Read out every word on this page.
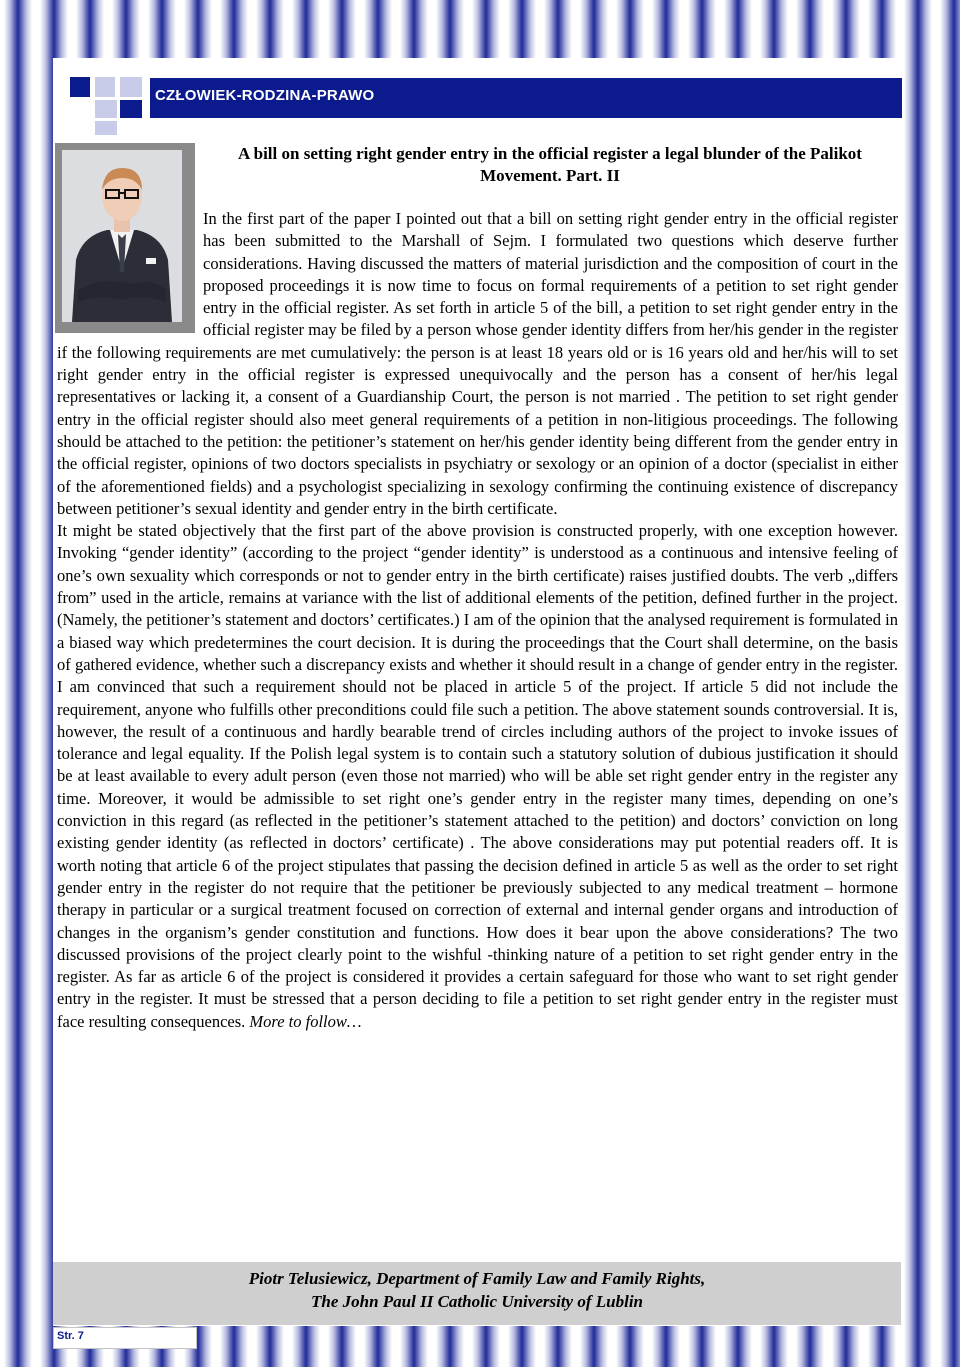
CZŁOWIEK-RODZINA-PRAWO
A bill on setting right gender entry in the official register a legal blunder of the Palikot Movement. Part. II

In the first part of the paper I pointed out that a bill on setting right gender entry in the official register has been submitted to the Marshall of Sejm. I formulated two questions which deserve further considerations. Having discussed the matters of material jurisdiction and the composition of court in the proposed proceedings it is now time to focus on formal requirements of a petition to set right gender entry in the official register. As set forth in article 5 of the bill, a petition to set right gender entry in the official register may be filed by a person whose gender identity differs from her/his gender in the register if the following requirements are met cumulatively: the person is at least 18 years old or is 16 years old and her/his will to set right gender entry in the official register is expressed unequivocally and the person has a consent of her/his legal representatives or lacking it, a consent of a Guardianship Court, the person is not married . The petition to set right gender entry in the official register should also meet general requirements of a petition in non-litigious proceedings. The following should be attached to the petition: the petitioner’s statement on her/his gender identity being different from the gender entry in the official register, opinions of two doctors specialists in psychiatry or sexology or an opinion of a doctor (specialist in either of the aforementioned fields) and a psychologist specializing in sexology confirming the continuing existence of discrepancy between petitioner’s sexual identity and gender entry in the birth certificate.

It might be stated objectively that the first part of the above provision is constructed properly, with one exception however. Invoking “gender identity” (according to the project “gender identity” is understood as a continuous and intensive feeling of one’s own sexuality which corresponds or not to gender entry in the birth certificate) raises justified doubts. The verb „differs from” used in the article, remains at variance with the list of additional elements of the petition, defined further in the project. (Namely, the petitioner’s statement and doctors’ certificates.) I am of the opinion that the analysed requirement is formulated in a biased way which predetermines the court decision. It is during the proceedings that the Court shall determine, on the basis of gathered evidence, whether such a discrepancy exists and whether it should result in a change of gender entry in the register. I am convinced that such a requirement should not be placed in article 5 of the project. If article 5 did not include the requirement, anyone who fulfills other preconditions could file such a petition. The above statement sounds controversial. It is, however, the result of a continuous and hardly bearable trend of circles including authors of the project to invoke issues of tolerance and legal equality. If the Polish legal system is to contain such a statutory solution of dubious justification it should be at least available to every adult person (even those not married) who will be able set right gender entry in the register any time. Moreover, it would be admissible to set right one’s gender entry in the register many times, depending on one’s conviction in this regard (as reflected in the petitioner’s statement attached to the petition) and doctors’ conviction on long existing gender identity (as reflected in doctors’ certificate) . The above considerations may put potential readers off. It is worth noting that article 6 of the project stipulates that passing the decision defined in article 5 as well as the order to set right gender entry in the register do not require that the petitioner be previously subjected to any medical treatment – hormone therapy in particular or a surgical treatment focused on correction of external and internal gender organs and introduction of changes in the organism’s gender constitution and functions. How does it bear upon the above considerations? The two discussed provisions of the project clearly point to the wishful -thinking nature of a petition to set right gender entry in the register. As far as article 6 of the project is considered it provides a certain safeguard for those who want to set right gender entry in the register. It must be stressed that a person deciding to file a petition to set right gender entry in the register must face resulting consequences. More to follow…

Piotr Telusiewicz, Department of Family Law and Family Rights,
The John Paul II Catholic University of Lublin
Str. 7
